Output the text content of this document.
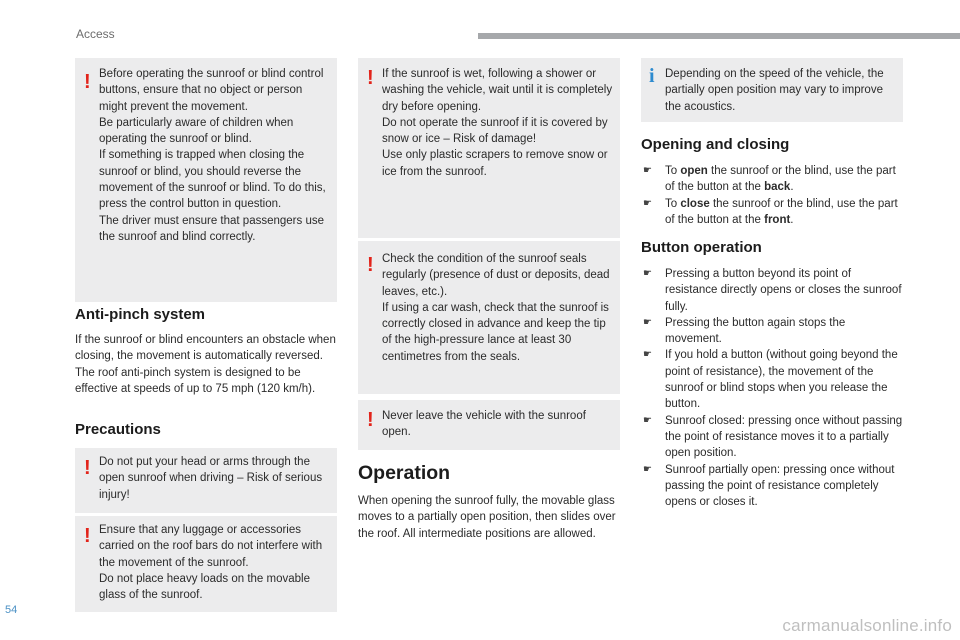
Access
! Before operating the sunroof or blind control buttons, ensure that no object or person might prevent the movement.

Be particularly aware of children when operating the sunroof or blind.

If something is trapped when closing the sunroof or blind, you should reverse the movement of the sunroof or blind. To do this, press the control button in question.

The driver must ensure that passengers use the sunroof and blind correctly.

Anti-pinch system

If the sunroof or blind encounters an obstacle when closing, the movement is automatically reversed.

The roof anti-pinch system is designed to be effective at speeds of up to 75 mph (120 km/h).

Precautions
! Do not put your head or arms through the open sunroof when driving – Risk of serious injury!

! Ensure that any luggage or accessories carried on the roof bars do not interfere with the movement of the sunroof.

Do not place heavy loads on the movable glass of the sunroof.

! If the sunroof is wet, following a shower or washing the vehicle, wait until it is completely dry before opening.

Do not operate the sunroof if it is covered by snow or ice – Risk of damage!

Use only plastic scrapers to remove snow or ice from the sunroof.

! Check the condition of the sunroof seals regularly (presence of dust or deposits, dead leaves, etc.).

If using a car wash, check that the sunroof is correctly closed in advance and keep the tip of the high-pressure lance at least 30 centimetres from the seals.

! Never leave the vehicle with the sunroof open.

Operation

When opening the sunroof fully, the movable glass moves to a partially open position, then slides over the roof. All intermediate positions are allowed.

i Depending on the speed of the vehicle, the partially open position may vary to improve the acoustics.

Opening and closing
☛ To open the sunroof or the blind, use the part of the button at the back.
☛ To close the sunroof or the blind, use the part of the button at the front.
Button operation
☛ Pressing a button beyond its point of resistance directly opens or closes the sunroof fully.
☛ Pressing the button again stops the movement.
☛ If you hold a button (without going beyond the point of resistance), the movement of the sunroof or blind stops when you release the button.
☛ Sunroof closed: pressing once without passing the point of resistance moves it to a partially open position.
☛ Sunroof partially open: pressing once without passing the point of resistance completely opens or closes it.
54
carmanualsonline.info
